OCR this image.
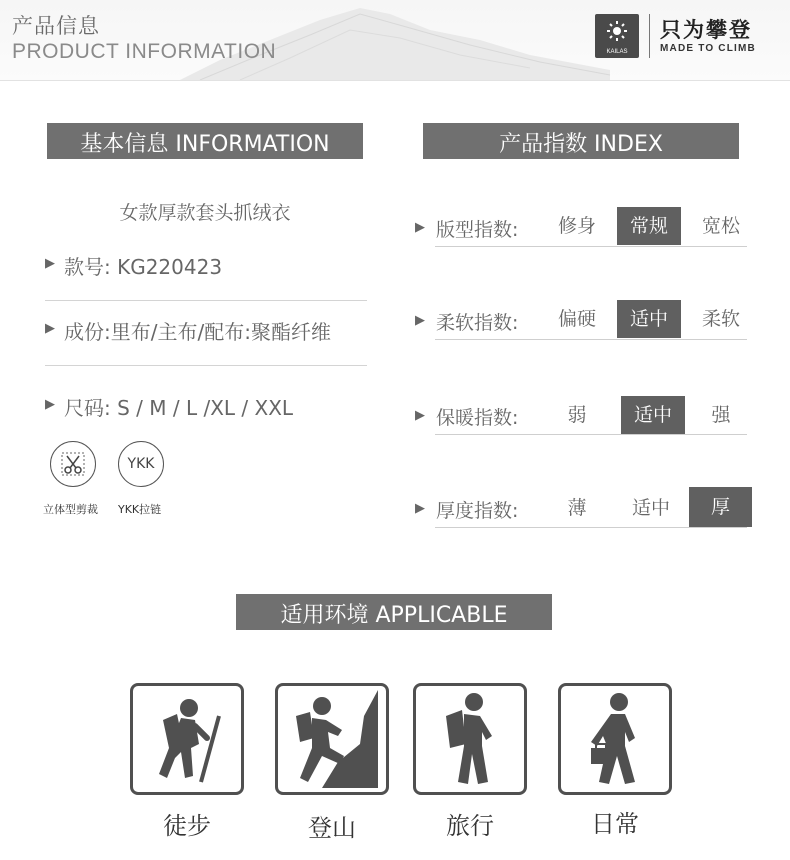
产品信息
PRODUCT INFORMATION	KAILAS
只为攀登
MADE TO CLIMB
基本信息 INFORMATION
女款厚款套头抓绒衣
▶ 款号: KG220423
▶ 成份:里布/主布/配布:聚酯纤维
▶ 尺码: S / M / L /XL / XXL
立体型剪裁
YKK
YKK拉链
产品指数 INDEX
▶ 版型指数:	修身	常规	宽松
▶ 柔软指数:	偏硬	适中	柔软
▶ 保暖指数:	弱	适中	强
▶ 厚度指数:	薄	适中	厚
适用环境 APPLICABLE
徒步	登山	旅行	日常
